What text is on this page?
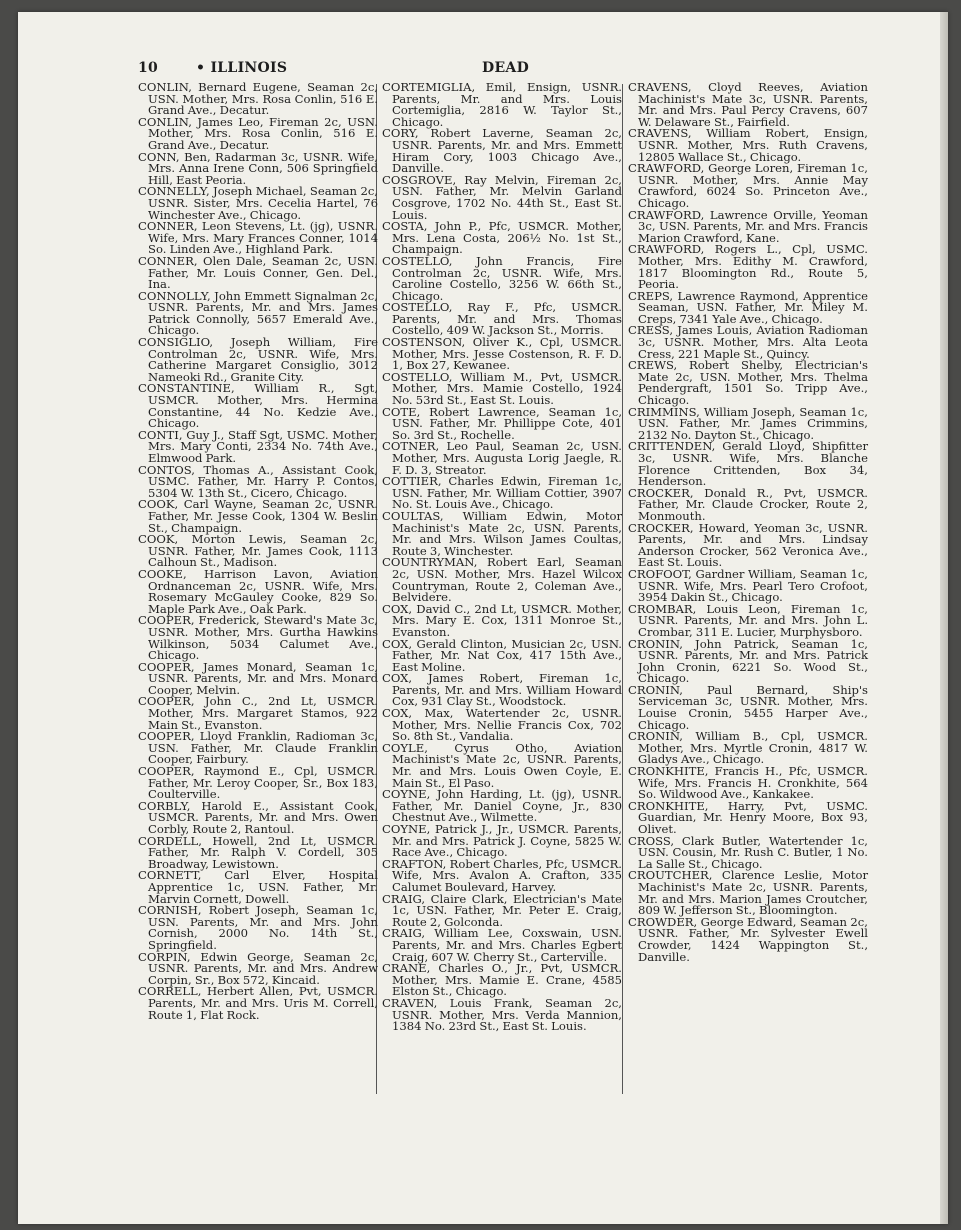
10	• ILLINOIS	DEAD

CONLIN, Bernard Eugene, Seaman 2c, USN. Mother, Mrs. Rosa Conlin, 516 E. Grand Ave., Decatur.

CONLIN, James Leo, Fireman 2c, USN. Mother, Mrs. Rosa Conlin, 516 E. Grand Ave., Decatur.

CONN, Ben, Radarman 3c, USNR. Wife, Mrs. Anna Irene Conn, 506 Springfield Hill, East Peoria.

CONNELLY, Joseph Michael, Seaman 2c, USNR. Sister, Mrs. Cecelia Hartel, 76 Winchester Ave., Chicago.

CONNER, Leon Stevens, Lt. (jg), USNR. Wife, Mrs. Mary Frances Conner, 1014 So. Linden Ave., Highland Park.

CONNER, Olen Dale, Seaman 2c, USN. Father, Mr. Louis Conner, Gen. Del., Ina.

CONNOLLY, John Emmett Signalman 2c, USNR. Parents, Mr. and Mrs. James Patrick Connolly, 5657 Emerald Ave., Chicago.

CONSIGLIO, Joseph William, Fire Controlman 2c, USNR. Wife, Mrs. Catherine Margaret Consiglio, 3012 Nameoki Rd., Granite City.

CONSTANTINE, William R., Sgt, USMCR. Mother, Mrs. Hermina Constantine, 44 No. Kedzie Ave., Chicago.

CONTI, Guy J., Staff Sgt, USMC. Mother, Mrs. Mary Conti, 2334 No. 74th Ave., Elmwood Park.

CONTOS, Thomas A., Assistant Cook, USMC. Father, Mr. Harry P. Contos, 5304 W. 13th St., Cicero, Chicago.

COOK, Carl Wayne, Seaman 2c, USNR. Father, Mr. Jesse Cook, 1304 W. Beslin St., Champaign.

COOK, Morton Lewis, Seaman 2c, USNR. Father, Mr. James Cook, 1113 Calhoun St., Madison.

COOKE, Harrison Lavon, Aviation Ordnanceman 2c, USNR. Wife, Mrs. Rosemary McGauley Cooke, 829 So. Maple Park Ave., Oak Park.

COOPER, Frederick, Steward's Mate 3c, USNR. Mother, Mrs. Gurtha Hawkins Wilkinson, 5034 Calumet Ave., Chicago.

COOPER, James Monard, Seaman 1c, USNR. Parents, Mr. and Mrs. Monard Cooper, Melvin.

COOPER, John C., 2nd Lt, USMCR. Mother, Mrs. Margaret Stamos, 922 Main St., Evanston.

COOPER, Lloyd Franklin, Radioman 3c, USN. Father, Mr. Claude Franklin Cooper, Fairbury.

COOPER, Raymond E., Cpl, USMCR. Father, Mr. Leroy Cooper, Sr., Box 183, Coulterville.

CORBLY, Harold E., Assistant Cook, USMCR. Parents, Mr. and Mrs. Owen Corbly, Route 2, Rantoul.

CORDELL, Howell, 2nd Lt, USMCR. Father, Mr. Ralph V. Cordell, 305 Broadway, Lewistown.

CORNETT, Carl Elver, Hospital Apprentice 1c, USN. Father, Mr. Marvin Cornett, Dowell.

CORNISH, Robert Joseph, Seaman 1c, USN. Parents, Mr. and Mrs. John Cornish, 2000 No. 14th St., Springfield.

CORPIN, Edwin George, Seaman 2c, USNR. Parents, Mr. and Mrs. Andrew Corpin, Sr., Box 572, Kincaid.

CORRELL, Herbert Allen, Pvt, USMCR. Parents, Mr. and Mrs. Uris M. Correll, Route 1, Flat Rock.

CORTEMIGLIA, Emil, Ensign, USNR. Parents, Mr. and Mrs. Louis Cortemiglia, 2816 W. Taylor St., Chicago.

CORY, Robert Laverne, Seaman 2c, USNR. Parents, Mr. and Mrs. Emmett Hiram Cory, 1003 Chicago Ave., Danville.

COSGROVE, Ray Melvin, Fireman 2c, USN. Father, Mr. Melvin Garland Cosgrove, 1702 No. 44th St., East St. Louis.

COSTA, John P., Pfc, USMCR. Mother, Mrs. Lena Costa, 206½ No. 1st St., Champaign.

COSTELLO, John Francis, Fire Controlman 2c, USNR. Wife, Mrs. Caroline Costello, 3256 W. 66th St., Chicago.

COSTELLO, Ray F., Pfc, USMCR. Parents, Mr. and Mrs. Thomas Costello, 409 W. Jackson St., Morris.

COSTENSON, Oliver K., Cpl, USMCR. Mother, Mrs. Jesse Costenson, R. F. D. 1, Box 27, Kewanee.

COSTELLO, William M., Pvt, USMCR. Mother, Mrs. Mamie Costello, 1924 No. 53rd St., East St. Louis.

COTE, Robert Lawrence, Seaman 1c, USN. Father, Mr. Phillippe Cote, 401 So. 3rd St., Rochelle.

COTNER, Leo Paul, Seaman 2c, USN. Mother, Mrs. Augusta Lorig Jaegle, R. F. D. 3, Streator.

COTTIER, Charles Edwin, Fireman 1c, USN. Father, Mr. William Cottier, 3907 No. St. Louis Ave., Chicago.

COULTAS, William Edwin, Motor Machinist's Mate 2c, USN. Parents, Mr. and Mrs. Wilson James Coultas, Route 3, Winchester.

COUNTRYMAN, Robert Earl, Seaman 2c, USN. Mother, Mrs. Hazel Wilcox Countryman, Route 2, Coleman Ave., Belvidere.

COX, David C., 2nd Lt, USMCR. Mother, Mrs. Mary E. Cox, 1311 Monroe St., Evanston.

COX, Gerald Clinton, Musician 2c, USN. Father, Mr. Nat Cox, 417 15th Ave., East Moline.

COX, James Robert, Fireman 1c, Parents, Mr. and Mrs. William Howard Cox, 931 Clay St., Woodstock.

COX, Max, Watertender 2c, USNR. Mother, Mrs. Nellie Francis Cox, 702 So. 8th St., Vandalia.

COYLE, Cyrus Otho, Aviation Machinist's Mate 2c, USNR. Parents, Mr. and Mrs. Louis Owen Coyle, E. Main St., El Paso.

COYNE, John Harding, Lt. (jg), USNR. Father, Mr. Daniel Coyne, Jr., 830 Chestnut Ave., Wilmette.

COYNE, Patrick J., Jr., USMCR. Parents, Mr. and Mrs. Patrick J. Coyne, 5825 W. Race Ave., Chicago.

CRAFTON, Robert Charles, Pfc, USMCR. Wife, Mrs. Avalon A. Crafton, 335 Calumet Boulevard, Harvey.

CRAIG, Claire Clark, Electrician's Mate 1c, USN. Father, Mr. Peter E. Craig, Route 2, Golconda.

CRAIG, William Lee, Coxswain, USN. Parents, Mr. and Mrs. Charles Egbert Craig, 607 W. Cherry St., Carterville.

CRANE, Charles O., Jr., Pvt, USMCR. Mother, Mrs. Mamie E. Crane, 4585 Elston St., Chicago.

CRAVEN, Louis Frank, Seaman 2c, USNR. Mother, Mrs. Verda Mannion, 1384 No. 23rd St., East St. Louis.

CRAVENS, Cloyd Reeves, Aviation Machinist's Mate 3c, USNR. Parents, Mr. and Mrs. Paul Percy Cravens, 607 W. Delaware St., Fairfield.

CRAVENS, William Robert, Ensign, USNR. Mother, Mrs. Ruth Cravens, 12805 Wallace St., Chicago.

CRAWFORD, George Loren, Fireman 1c, USNR. Mother, Mrs. Annie May Crawford, 6024 So. Princeton Ave., Chicago.

CRAWFORD, Lawrence Orville, Yeoman 3c, USN. Parents, Mr. and Mrs. Francis Marion Crawford, Kane.

CRAWFORD, Rogers L., Cpl, USMC. Mother, Mrs. Edithy M. Crawford, 1817 Bloomington Rd., Route 5, Peoria.

CREPS, Lawrence Raymond, Apprentice Seaman, USN. Father, Mr. Miley M. Creps, 7341 Yale Ave., Chicago.

CRESS, James Louis, Aviation Radioman 3c, USNR. Mother, Mrs. Alta Leota Cress, 221 Maple St., Quincy.

CREWS, Robert Shelby, Electrician's Mate 2c, USN. Mother, Mrs. Thelma Pendergraft, 1501 So. Tripp Ave., Chicago.

CRIMMINS, William Joseph, Seaman 1c, USN. Father, Mr. James Crimmins, 2132 No. Dayton St., Chicago.

CRITTENDEN, Gerald Lloyd, Shipfitter 3c, USNR. Wife, Mrs. Blanche Florence Crittenden, Box 34, Henderson.

CROCKER, Donald R., Pvt, USMCR. Father, Mr. Claude Crocker, Route 2, Monmouth.

CROCKER, Howard, Yeoman 3c, USNR. Parents, Mr. and Mrs. Lindsay Anderson Crocker, 562 Veronica Ave., East St. Louis.

CROFOOT, Gardner William, Seaman 1c, USNR. Wife, Mrs. Pearl Tero Crofoot, 3954 Dakin St., Chicago.

CROMBAR, Louis Leon, Fireman 1c, USNR. Parents, Mr. and Mrs. John L. Crombar, 311 E. Lucier, Murphysboro.

CRONIN, John Patrick, Seaman 1c, USNR. Parents, Mr. and Mrs. Patrick John Cronin, 6221 So. Wood St., Chicago.

CRONIN, Paul Bernard, Ship's Serviceman 3c, USNR. Mother, Mrs. Louise Cronin, 5455 Harper Ave., Chicago.

CRONIN, William B., Cpl, USMCR. Mother, Mrs. Myrtle Cronin, 4817 W. Gladys Ave., Chicago.

CRONKHITE, Francis H., Pfc, USMCR. Wife, Mrs. Francis H. Cronkhite, 564 So. Wildwood Ave., Kankakee.

CRONKHITE, Harry, Pvt, USMC. Guardian, Mr. Henry Moore, Box 93, Olivet.

CROSS, Clark Butler, Watertender 1c, USN. Cousin, Mr. Rush C. Butler, 1 No. La Salle St., Chicago.

CROUTCHER, Clarence Leslie, Motor Machinist's Mate 2c, USNR. Parents, Mr. and Mrs. Marion James Croutcher, 809 W. Jefferson St., Bloomington.

CROWDER, George Edward, Seaman 2c, USNR. Father, Mr. Sylvester Ewell Crowder, 1424 Wappington St., Danville.
